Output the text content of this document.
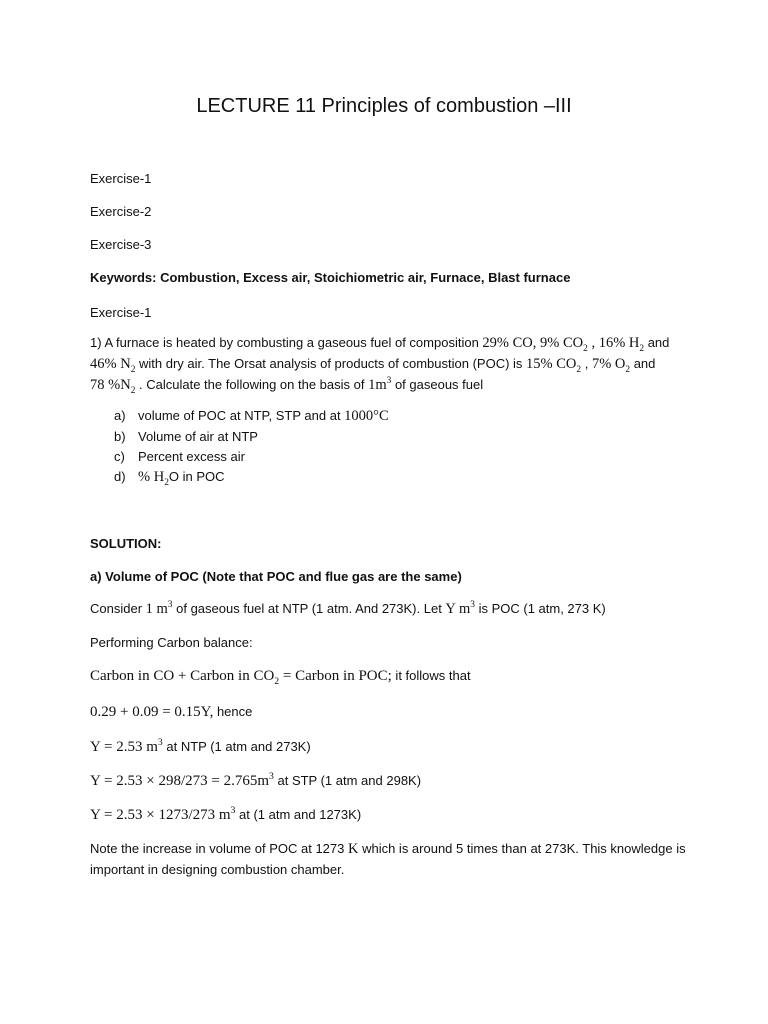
LECTURE 11 Principles of combustion –III
Exercise-1
Exercise-2
Exercise-3
Keywords: Combustion, Excess air, Stoichiometric air, Furnace, Blast furnace
Exercise-1
1) A furnace is heated by combusting a gaseous fuel of composition 29% CO, 9% $CO_2$ , 16% $H_2$ and
46% $N_2$ with dry air. The Orsat analysis of products of combustion (POC) is 15% $CO_2$ , 7% $O_2$ and
78 $\%N_2$ . Calculate the following on the basis of $1m^3$ of gaseous fuel
a) volume of POC at NTP, STP and at 1000°C
b) Volume of air at NTP
c) Percent excess air
d) % $H_2O$ in POC
SOLUTION:
a) Volume of POC (Note that POC and flue gas are the same)
Consider 1 $m^3$ of gaseous fuel at NTP (1 atm. And 273K). Let Y $m^3$ is POC (1 atm, 273 K)
Performing Carbon balance:
Carbon in CO + Carbon in $CO_2$ = Carbon in POC; it follows that
0.29 + 0.09 = 0.15Y, hence
Y = 2.53 $m^3$ at NTP (1 atm and 273K)
$Y = 2.53 \times 298/273 = 2.765m^3$ at STP (1 atm and 298K)
Y = 2.53 × 1273/273 $m^3$ at (1 atm and 1273K)
Note the increase in volume of POC at 1273 K which is around 5 times than at 273K. This knowledge is
important in designing combustion chamber.
